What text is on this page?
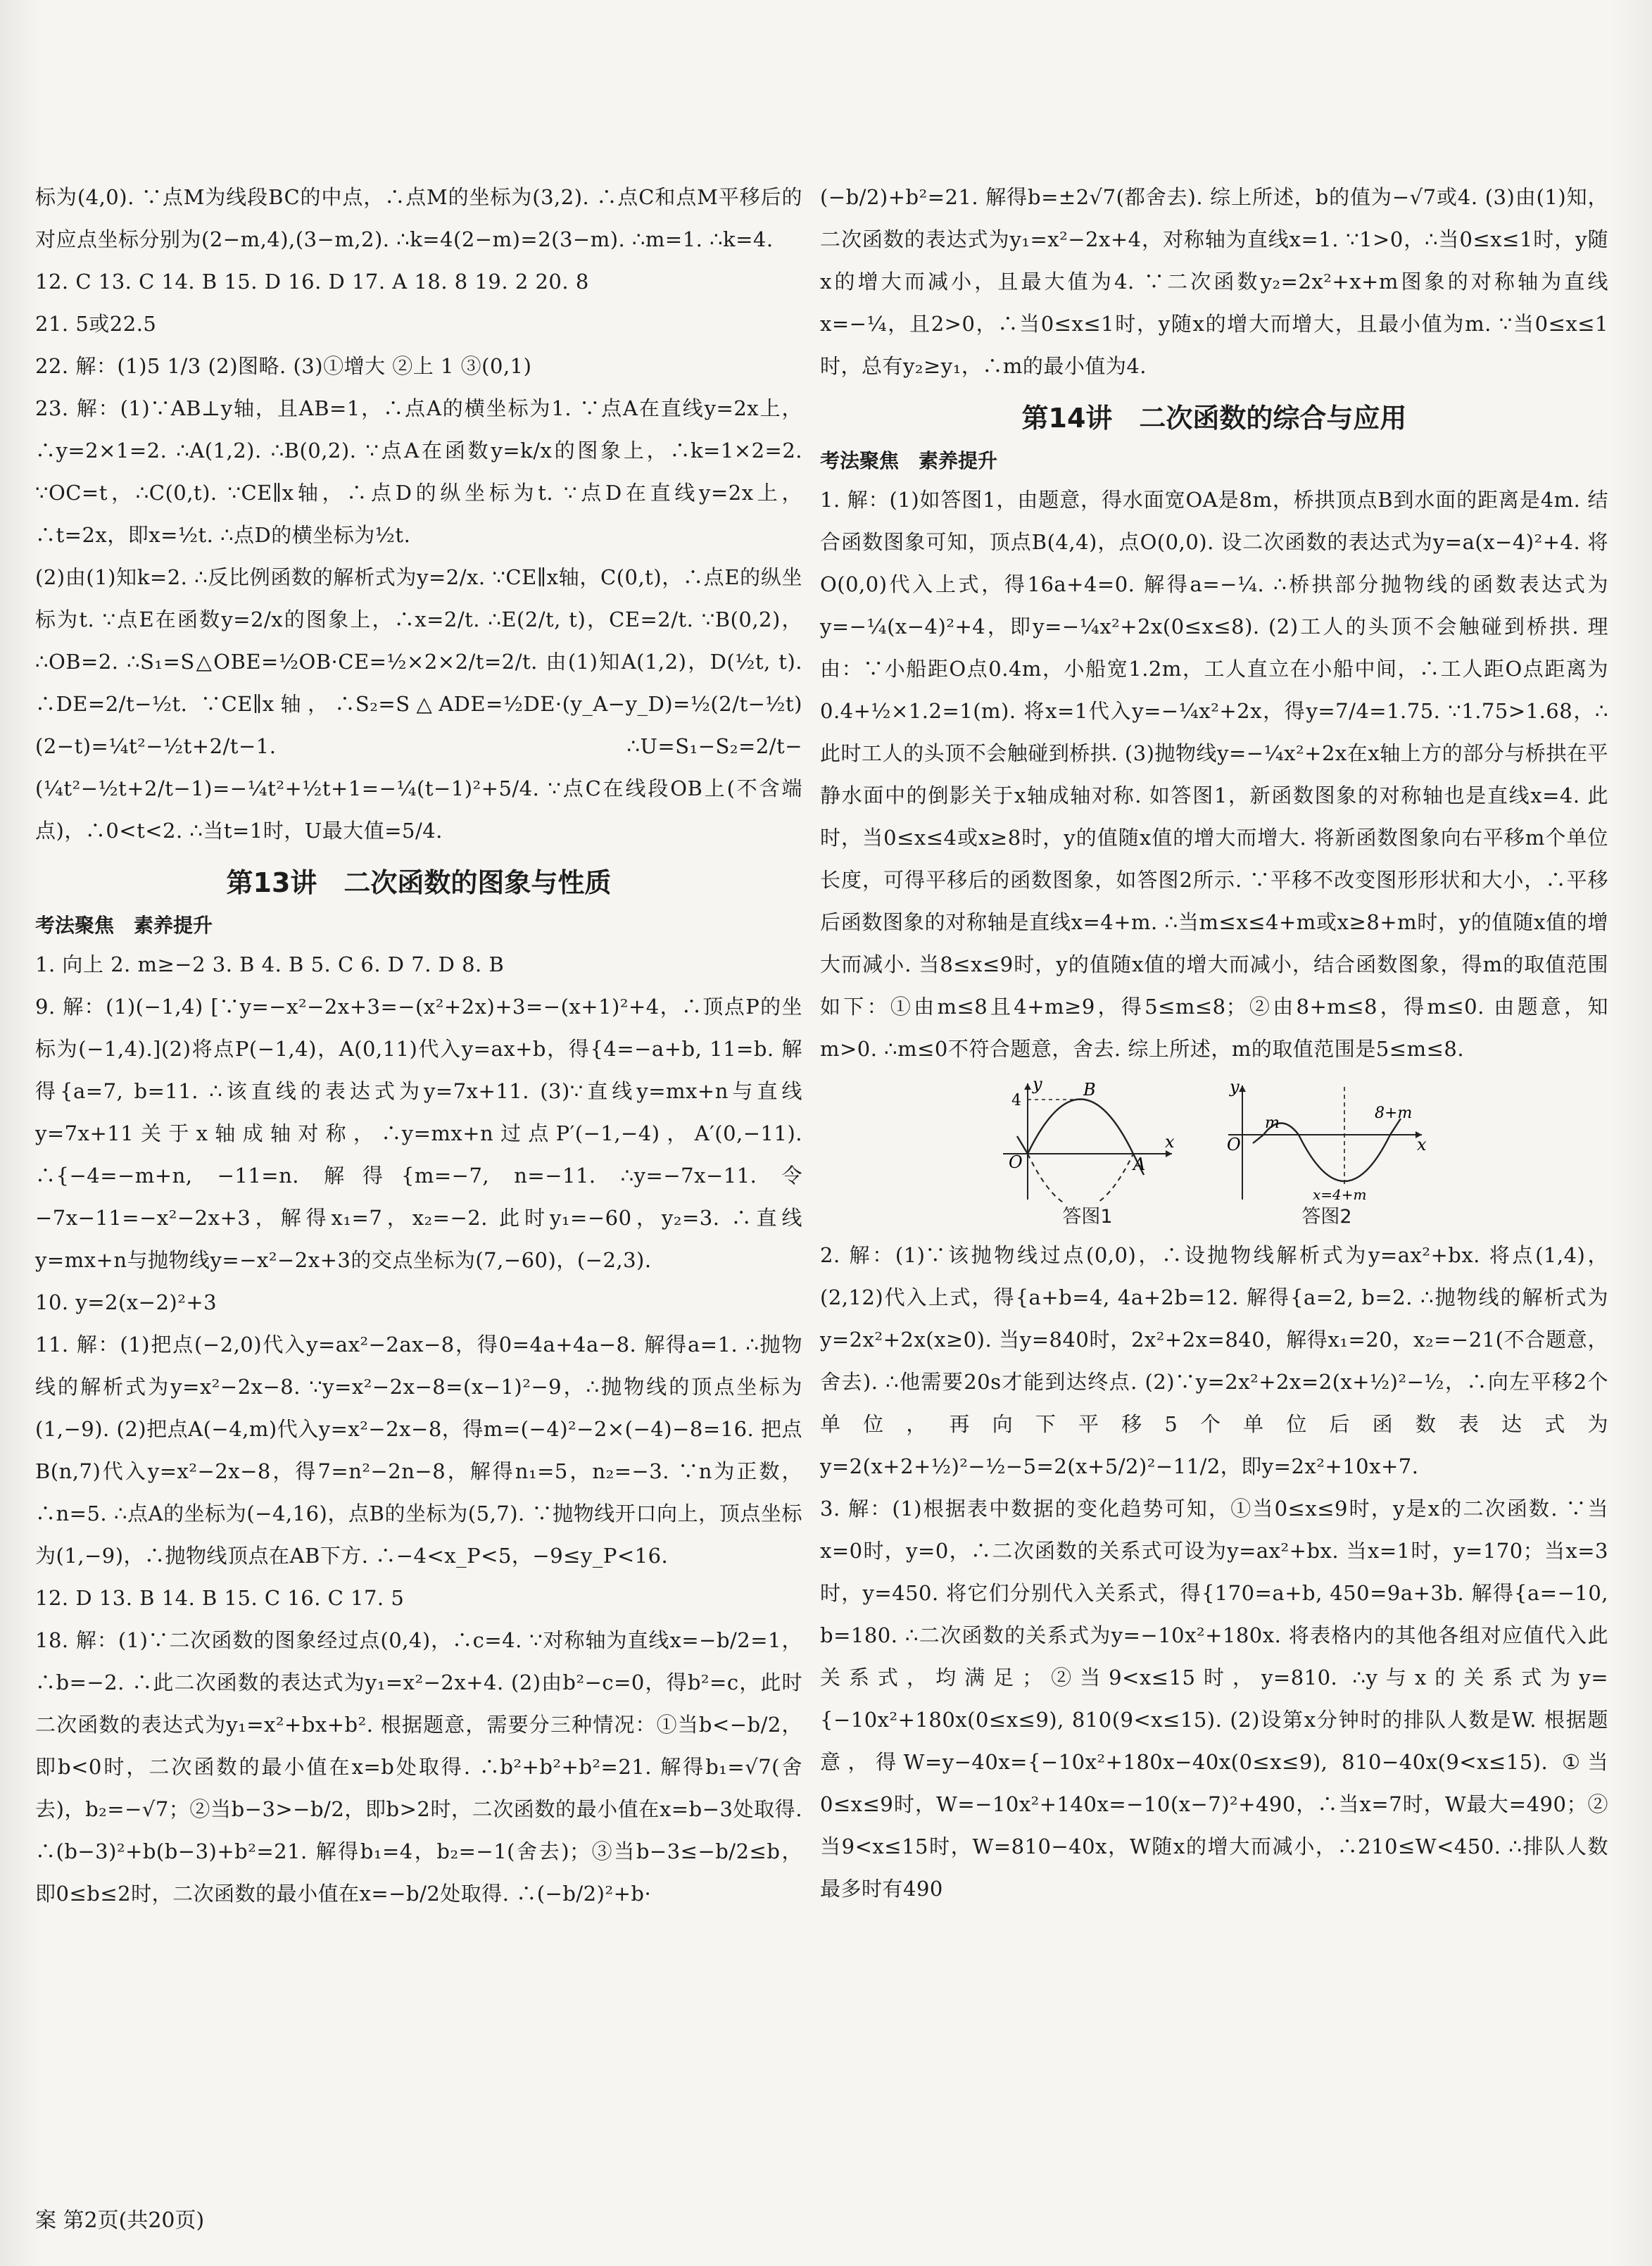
标为(4,0). ∵点M为线段BC的中点，∴点M的坐标为(3,2). ∴点C和点M平移后的对应点坐标分别为(2−m,4),(3−m,2). ∴k=4(2−m)=2(3−m). ∴m=1. ∴k=4.

12. C 13. C 14. B 15. D 16. D 17. A 18. 8 19. 2 20. 8

21. 5或22.5

22. 解：(1)5 1/3 (2)图略. (3)①增大 ②上 1 ③(0,1)

23. 解：(1)∵AB⊥y轴，且AB=1，∴点A的横坐标为1. ∵点A在直线y=2x上，∴y=2×1=2. ∴A(1,2). ∴B(0,2). ∵点A在函数y=k/x的图象上，∴k=1×2=2. ∵OC=t，∴C(0,t). ∵CE∥x轴，∴点D的纵坐标为t. ∵点D在直线y=2x上，∴t=2x，即x=½t. ∴点D的横坐标为½t.

(2)由(1)知k=2. ∴反比例函数的解析式为y=2/x. ∵CE∥x轴，C(0,t)，∴点E的纵坐标为t. ∵点E在函数y=2/x的图象上，∴x=2/t. ∴E(2/t, t)，CE=2/t. ∵B(0,2)，∴OB=2. ∴S₁=S△OBE=½OB·CE=½×2×2/t=2/t. 由(1)知A(1,2)，D(½t, t). ∴DE=2/t−½t. ∵CE∥x轴，∴S₂=S△ADE=½DE·(y_A−y_D)=½(2/t−½t)(2−t)=¼t²−½t+2/t−1. ∴U=S₁−S₂=2/t−(¼t²−½t+2/t−1)=−¼t²+½t+1=−¼(t−1)²+5/4. ∵点C在线段OB上(不含端点)，∴0<t<2. ∴当t=1时，U最大值=5/4.

第13讲　二次函数的图象与性质
考法聚焦　素养提升

1. 向上 2. m≥−2 3. B 4. B 5. C 6. D 7. D 8. B

9. 解：(1)(−1,4) [∵y=−x²−2x+3=−(x²+2x)+3=−(x+1)²+4，∴顶点P的坐标为(−1,4).](2)将点P(−1,4)，A(0,11)代入y=ax+b，得{4=−a+b, 11=b. 解得{a=7, b=11. ∴该直线的表达式为y=7x+11. (3)∵直线y=mx+n与直线y=7x+11关于x轴成轴对称，∴y=mx+n过点P′(−1,−4)，A′(0,−11). ∴{−4=−m+n, −11=n. 解得{m=−7, n=−11. ∴y=−7x−11. 令−7x−11=−x²−2x+3，解得x₁=7，x₂=−2. 此时y₁=−60，y₂=3. ∴直线y=mx+n与抛物线y=−x²−2x+3的交点坐标为(7,−60)，(−2,3).

10. y=2(x−2)²+3

11. 解：(1)把点(−2,0)代入y=ax²−2ax−8，得0=4a+4a−8. 解得a=1. ∴抛物线的解析式为y=x²−2x−8. ∵y=x²−2x−8=(x−1)²−9，∴抛物线的顶点坐标为(1,−9). (2)把点A(−4,m)代入y=x²−2x−8，得m=(−4)²−2×(−4)−8=16. 把点B(n,7)代入y=x²−2x−8，得7=n²−2n−8，解得n₁=5，n₂=−3. ∵n为正数，∴n=5. ∴点A的坐标为(−4,16)，点B的坐标为(5,7). ∵抛物线开口向上，顶点坐标为(1,−9)，∴抛物线顶点在AB下方. ∴−4<x_P<5，−9≤y_P<16.

12. D 13. B 14. B 15. C 16. C 17. 5

18. 解：(1)∵二次函数的图象经过点(0,4)，∴c=4. ∵对称轴为直线x=−b/2=1，∴b=−2. ∴此二次函数的表达式为y₁=x²−2x+4. (2)由b²−c=0，得b²=c，此时二次函数的表达式为y₁=x²+bx+b². 根据题意，需要分三种情况：①当b<−b/2，即b<0时，二次函数的最小值在x=b处取得. ∴b²+b²+b²=21. 解得b₁=√7(舍去)，b₂=−√7；②当b−3>−b/2，即b>2时，二次函数的最小值在x=b−3处取得. ∴(b−3)²+b(b−3)+b²=21. 解得b₁=4，b₂=−1(舍去)；③当b−3≤−b/2≤b，即0≤b≤2时，二次函数的最小值在x=−b/2处取得. ∴(−b/2)²+b·

(−b/2)+b²=21. 解得b=±2√7(都舍去). 综上所述，b的值为−√7或4. (3)由(1)知，二次函数的表达式为y₁=x²−2x+4，对称轴为直线x=1. ∵1>0，∴当0≤x≤1时，y随x的增大而减小，且最大值为4. ∵二次函数y₂=2x²+x+m图象的对称轴为直线x=−¼，且2>0，∴当0≤x≤1时，y随x的增大而增大，且最小值为m. ∵当0≤x≤1时，总有y₂≥y₁，∴m的最小值为4.

第14讲　二次函数的综合与应用
考法聚焦　素养提升

1. 解：(1)如答图1，由题意，得水面宽OA是8m，桥拱顶点B到水面的距离是4m. 结合函数图象可知，顶点B(4,4)，点O(0,0). 设二次函数的表达式为y=a(x−4)²+4. 将O(0,0)代入上式，得16a+4=0. 解得a=−¼. ∴桥拱部分抛物线的函数表达式为y=−¼(x−4)²+4，即y=−¼x²+2x(0≤x≤8). (2)工人的头顶不会触碰到桥拱. 理由：∵小船距O点0.4m，小船宽1.2m，工人直立在小船中间，∴工人距O点距离为0.4+½×1.2=1(m). 将x=1代入y=−¼x²+2x，得y=7/4=1.75. ∵1.75>1.68，∴此时工人的头顶不会触碰到桥拱. (3)抛物线y=−¼x²+2x在x轴上方的部分与桥拱在平静水面中的倒影关于x轴成轴对称. 如答图1，新函数图象的对称轴也是直线x=4. 此时，当0≤x≤4或x≥8时，y的值随x值的增大而增大. 将新函数图象向右平移m个单位长度，可得平移后的函数图象，如答图2所示. ∵平移不改变图形形状和大小，∴平移后函数图象的对称轴是直线x=4+m. ∴当m≤x≤4+m或x≥8+m时，y的值随x值的增大而减小. 当8≤x≤9时，y的值随x值的增大而减小，结合函数图象，得m的取值范围如下：①由m≤8且4+m≥9，得5≤m≤8；②由8+m≤8，得m≤0. 由题意，知m>0. ∴m≤0不符合题意，舍去. 综上所述，m的取值范围是5≤m≤8.

y
x
O	A
B
4
答图1
y
x
O
m
8+m
x=4+m
答图2

2. 解：(1)∵该抛物线过点(0,0)，∴设抛物线解析式为y=ax²+bx. 将点(1,4)，(2,12)代入上式，得{a+b=4, 4a+2b=12. 解得{a=2, b=2. ∴抛物线的解析式为y=2x²+2x(x≥0). 当y=840时，2x²+2x=840，解得x₁=20，x₂=−21(不合题意，舍去). ∴他需要20s才能到达终点. (2)∵y=2x²+2x=2(x+½)²−½，∴向左平移2个单位，再向下平移5个单位后函数表达式为y=2(x+2+½)²−½−5=2(x+5/2)²−11/2，即y=2x²+10x+7.

3. 解：(1)根据表中数据的变化趋势可知，①当0≤x≤9时，y是x的二次函数. ∵当x=0时，y=0，∴二次函数的关系式可设为y=ax²+bx. 当x=1时，y=170；当x=3时，y=450. 将它们分别代入关系式，得{170=a+b, 450=9a+3b. 解得{a=−10, b=180. ∴二次函数的关系式为y=−10x²+180x. 将表格内的其他各组对应值代入此关系式，均满足；②当9<x≤15时，y=810. ∴y与x的关系式为y={−10x²+180x(0≤x≤9), 810(9<x≤15). (2)设第x分钟时的排队人数是W. 根据题意，得W=y−40x={−10x²+180x−40x(0≤x≤9), 810−40x(9<x≤15). ①当0≤x≤9时，W=−10x²+140x=−10(x−7)²+490，∴当x=7时，W最大=490；②当9<x≤15时，W=810−40x，W随x的增大而减小，∴210≤W<450. ∴排队人数最多时有490

案 第2页(共20页)
